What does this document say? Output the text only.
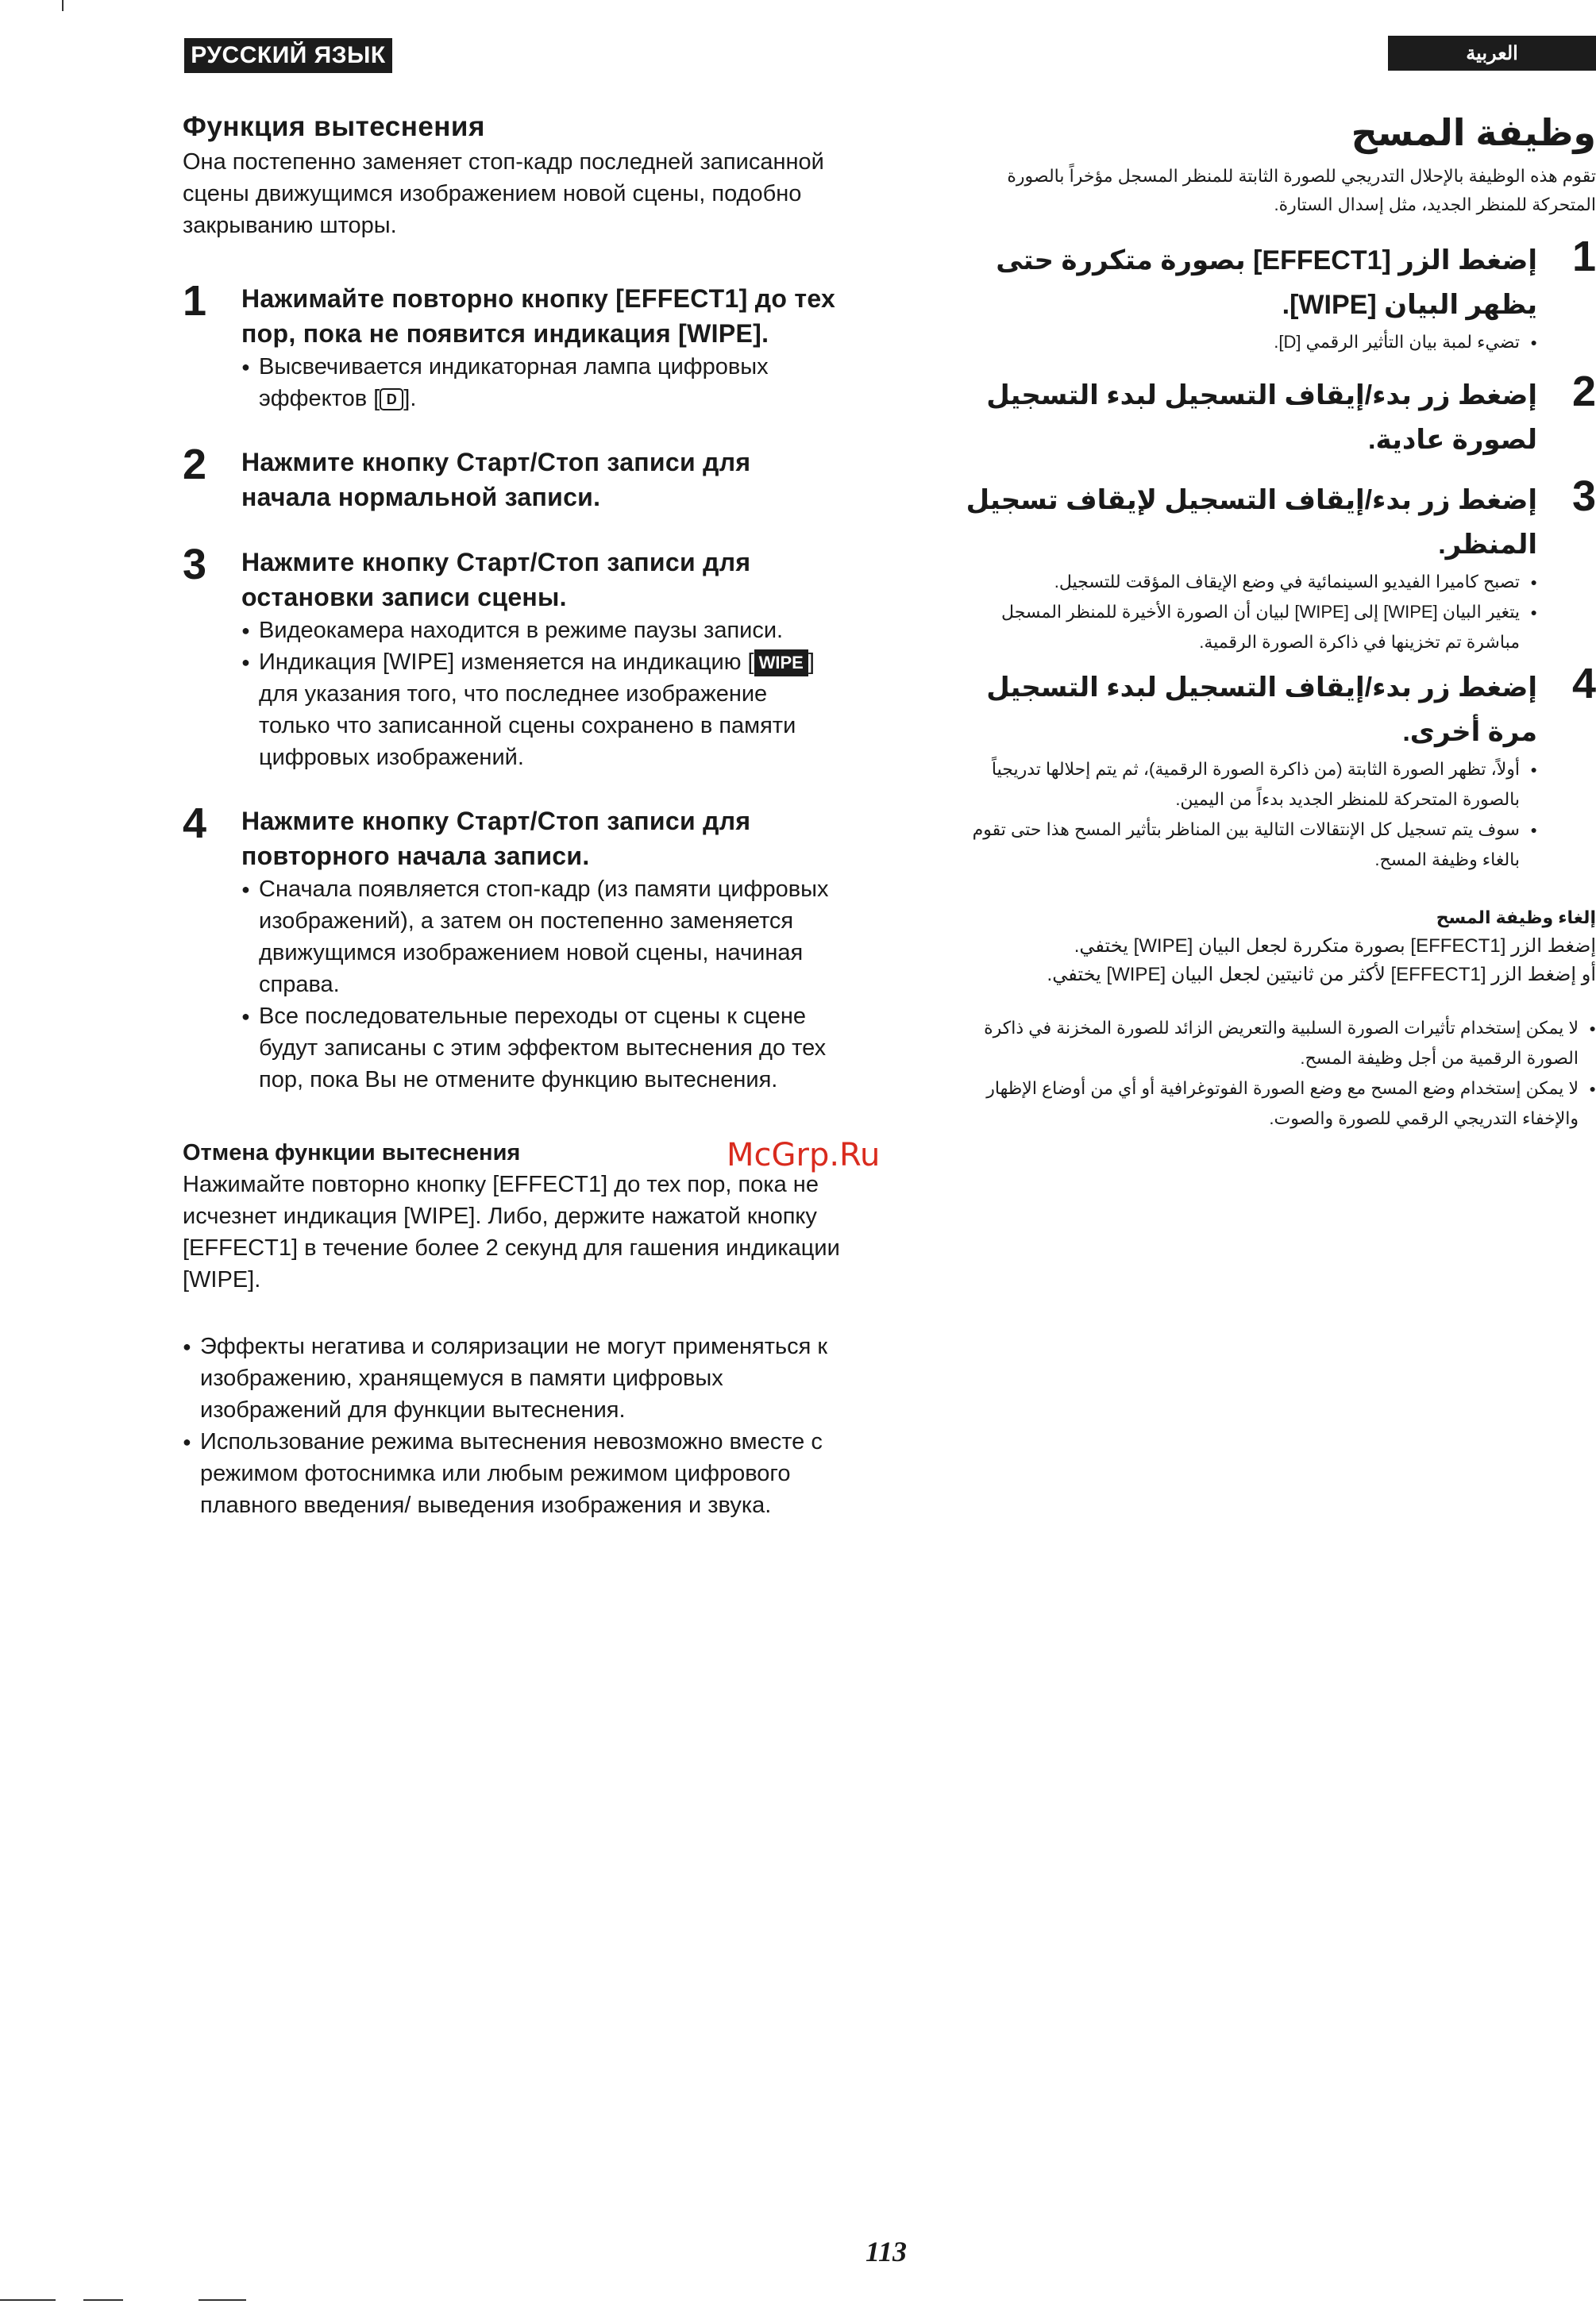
РУССКИЙ ЯЗЫК	العربية
Функция вытеснения

Она постепенно заменяет стоп-кадр последней записанной сцены движущимся изображением новой сцены, подобно закрыванию шторы.

1 Нажимайте повторно кнопку [EFFECT1] до тех пор, пока не появится индикация [WIPE].

● Высвечивается индикаторная лампа цифровых эффектов [ D ].
2 Нажмите кнопку Старт/Стоп записи для начала нормальной записи.

3 Нажмите кнопку Старт/Стоп записи для остановки записи сцены.

● Видеокамера находится в режиме паузы записи.
● Индикация [WIPE] изменяется на индикацию [ WIPE ] для указания того, что последнее изображение только что записанной сцены сохранено в памяти цифровых изображений.
4 Нажмите кнопку Старт/Стоп записи для повторного начала записи.

● Сначала появляется стоп-кадр (из памяти цифровых изображений), а затем он постепенно заменяется движущимся изображением новой сцены, начиная справа.
● Все последовательные переходы от сцены к сцене будут записаны с этим эффектом вытеснения до тех пор, пока Вы не отмените функцию вытеснения.

Отмена функции вытеснения

Нажимайте повторно кнопку [EFFECT1] до тех пор, пока не исчезнет индикация [WIPE]. Либо, держите нажатой кнопку [EFFECT1] в течение более 2 секунд для гашения индикации [WIPE].

● Эффекты негатива и соляризации не могут применяться к изображению, хранящемуся в памяти цифровых изображений для функции вытеснения.
● Использование режима вытеснения невозможно вместе с режимом фотоснимка или любым режимом цифрового плавного введения/ выведения изображения и звука.
وظيفة المسح

تقوم هذه الوظيفة بالإحلال التدريجي للصورة الثابتة للمنظر المسجل مؤخراً بالصورة المتحركة للمنظر الجديد، مثل إسدال الستارة.

1

إضغط الزر [EFFECT1] بصورة متكررة حتى يظهر البيان [WIPE].

● تضيء لمبة بيان التأثير الرقمي [D].
2

إضغط زر بدء/إيقاف التسجيل لبدء التسجيل لصورة عادية.

3

إضغط زر بدء/إيقاف التسجيل لإيقاف تسجيل المنظر.

● تصبح كاميرا الفيديو السينمائية في وضع الإيقاف المؤقت للتسجيل.
● يتغير البيان [WIPE] إلى [WIPE] لبيان أن الصورة الأخيرة للمنظر المسجل مباشرة تم تخزينها في ذاكرة الصورة الرقمية.
4

إضغط زر بدء/إيقاف التسجيل لبدء التسجيل مرة أخرى.

● أولاً، تظهر الصورة الثابتة (من ذاكرة الصورة الرقمية)، ثم يتم إحلالها تدريجياً بالصورة المتحركة للمنظر الجديد بدءاً من اليمين.
● سوف يتم تسجيل كل الإنتقالات التالية بين المناظر بتأثير المسح هذا حتى تقوم بالغاء وظيفة المسح.

إلغاء وظيفة المسح

إضغط الزر [EFFECT1] بصورة متكررة لجعل البيان [WIPE] يختفي.

أو إضغط الزر [EFFECT1] لأكثر من ثانيتين لجعل البيان [WIPE] يختفي.

● لا يمكن إستخدام تأثيرات الصورة السلبية والتعريض الزائد للصورة المخزنة في ذاكرة الصورة الرقمية من أجل وظيفة المسح.
● لا يمكن إستخدام وضع المسح مع وضع الصورة الفوتوغرافية أو أي من أوضاع الإظهار والإخفاء التدريجي الرقمي للصورة والصوت.
McGrp.Ru
113
